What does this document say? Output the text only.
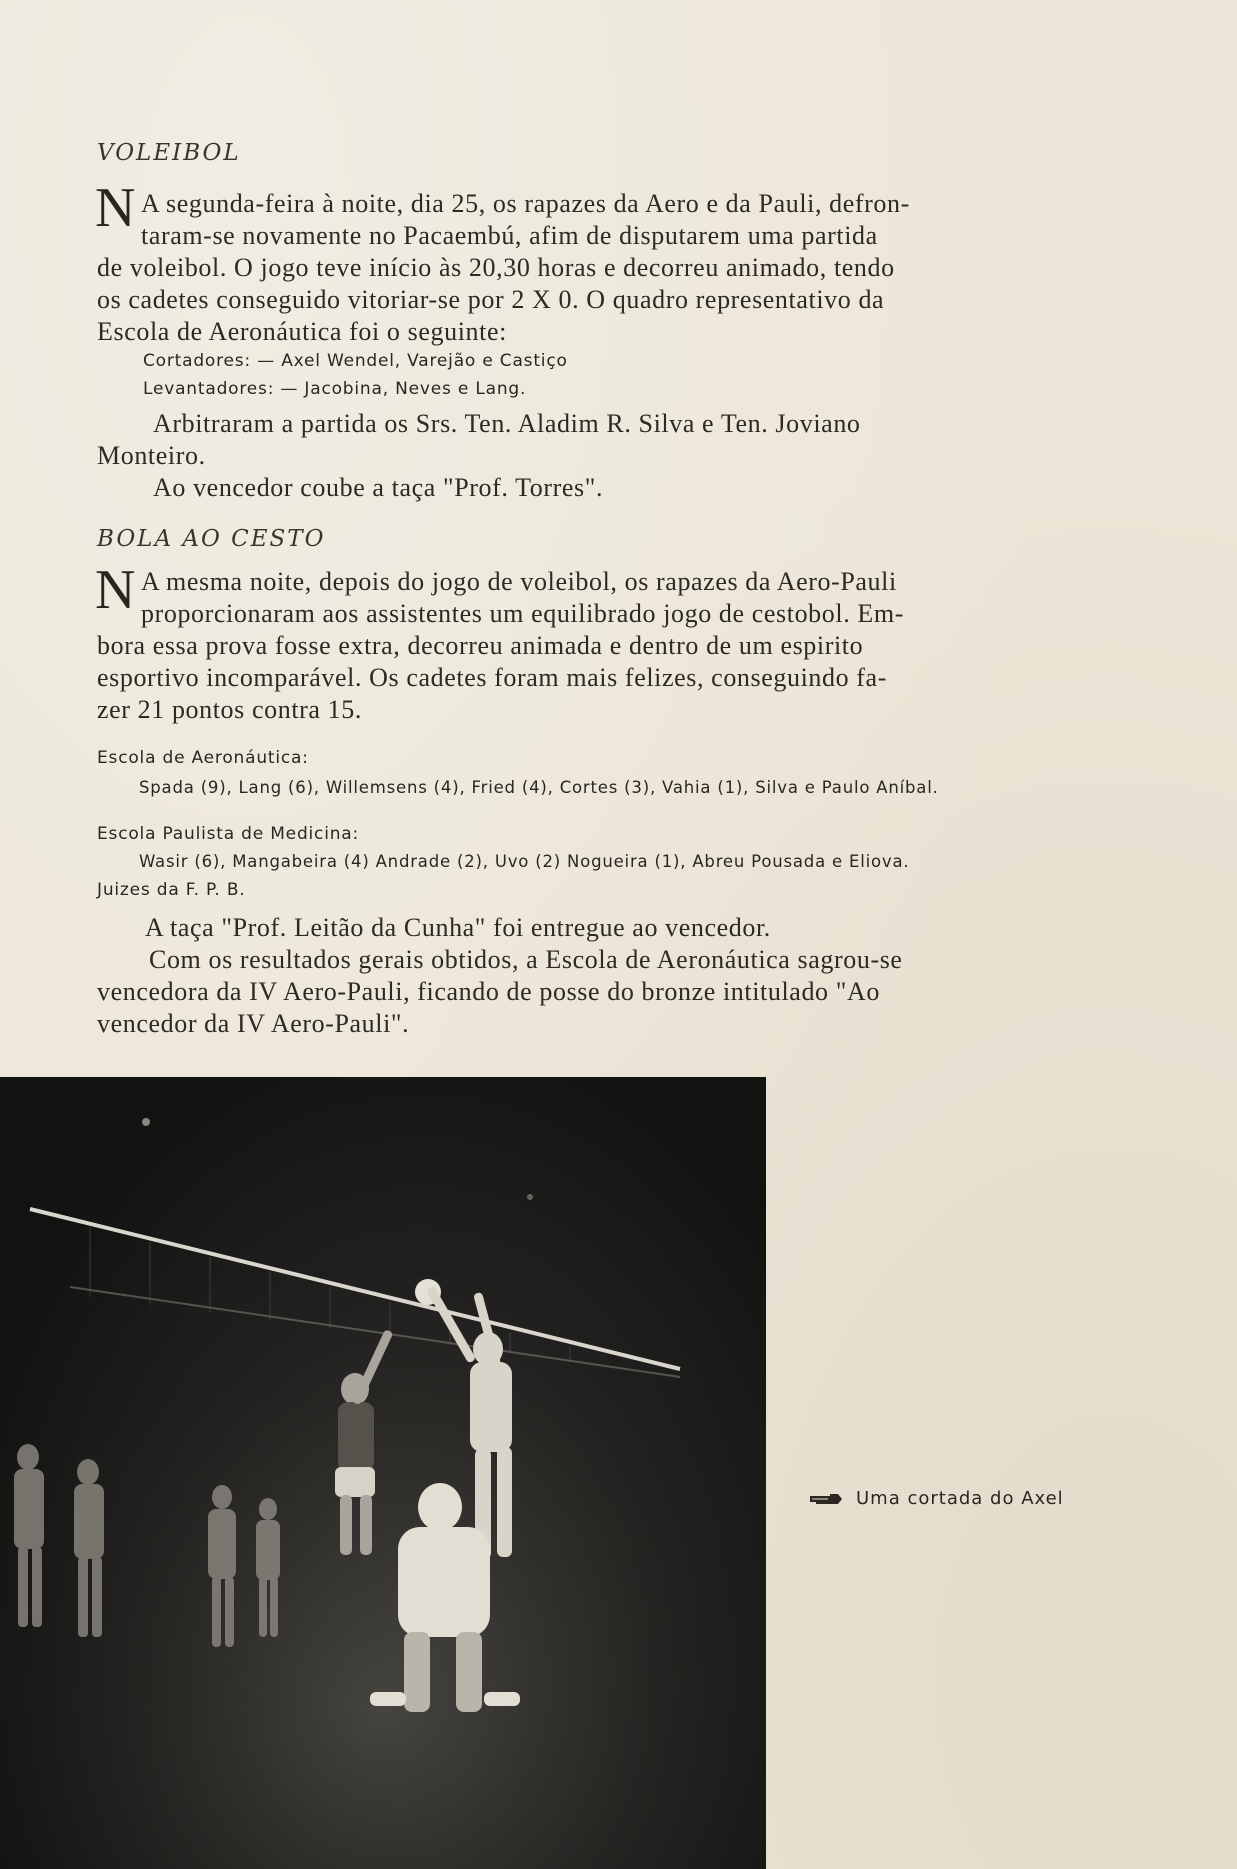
VOLEIBOL
N A segunda-feira à noite, dia 25, os rapazes da Aero e da Pauli, defron-
taram-se novamente no Pacaembú, afim de disputarem uma partida
de voleibol. O jogo teve início às 20,30 horas e decorreu animado, tendo
os cadetes conseguido vitoriar-se por 2 X 0. O quadro representativo da
Escola de Aeronáutica foi o seguinte:
Cortadores: — Axel Wendel, Varejão e Castiço
Levantadores: — Jacobina, Neves e Lang.
Arbitraram a partida os Srs. Ten. Aladim R. Silva e Ten. Joviano
Monteiro.
Ao vencedor coube a taça "Prof. Torres".
BOLA AO CESTO
N A mesma noite, depois do jogo de voleibol, os rapazes da Aero-Pauli
proporcionaram aos assistentes um equilibrado jogo de cestobol. Em-
bora essa prova fosse extra, decorreu animada e dentro de um espirito
esportivo incomparável. Os cadetes foram mais felizes, conseguindo fa-
zer 21 pontos contra 15.
Escola de Aeronáutica:
Spada (9), Lang (6), Willemsens (4), Fried (4), Cortes (3), Vahia (1), Silva e Paulo Aníbal.
Escola Paulista de Medicina:
Wasir (6), Mangabeira (4) Andrade (2), Uvo (2) Nogueira (1), Abreu Pousada e Eliova.
Juizes da F. P. B.
A taça "Prof. Leitão da Cunha" foi entregue ao vencedor.
Com os resultados gerais obtidos, a Escola de Aeronáutica sagrou-se
vencedora da IV Aero-Pauli, ficando de posse do bronze intitulado "Ao
vencedor da IV Aero-Pauli".
Uma cortada do Axel
